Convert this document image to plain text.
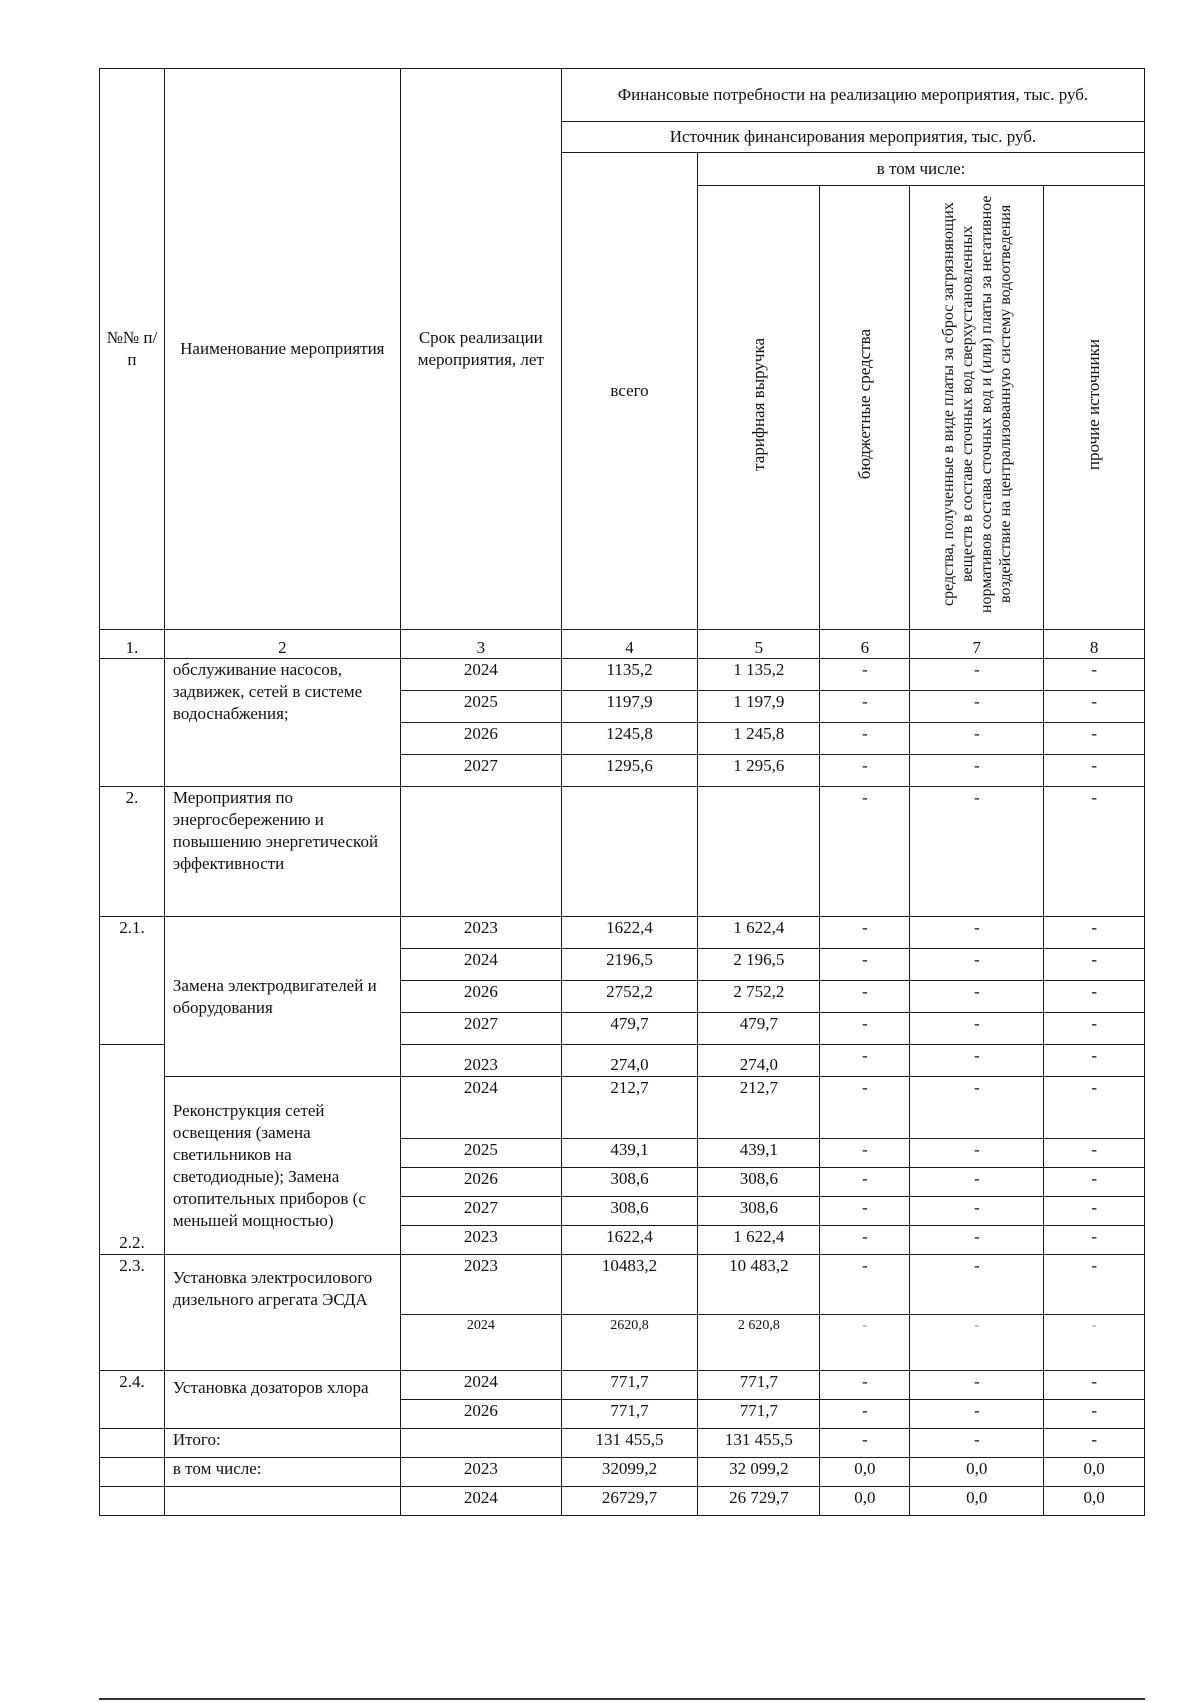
№№ п/п	Наименование мероприятия	Срок реализации мероприятия, лет	Финансовые потребности на реализацию мероприятия, тыс. руб.				
			Источник финансирования мероприятия, тыс. руб.				
			всего	в том числе:			
				тарифная выручка	бюджетные средства	средства, полученные в виде платы за сброс загрязняющих веществ в составе сточных вод сверхустановленных нормативов состава сточных вод и (или) платы за негативное воздействие на централизованную систему водоотведения	прочие источники
1.	2	3	4	5	6	7	8
	обслуживание насосов, задвижек, сетей в системе водоснабжения;	2024	1135,2	1 135,2	-	-	-
		2025	1197,9	1 197,9	-	-	-
		2026	1245,8	1 245,8	-	-	-
		2027	1295,6	1 295,6	-	-	-
2.	Мероприятия по энергосбережению и повышению энергетической эффективности				-	-	-
2.1.	Замена электродвигателей и оборудования	2023	1622,4	1 622,4	-	-	-
		2024	2196,5	2 196,5	-	-	-
		2026	2752,2	2 752,2	-	-	-
		2027	479,7	479,7	-	-	-
2.2.		2023	274,0	274,0	-	-	-
	Реконструкция сетей освещения (замена светильников на светодиодные); Замена отопительных приборов (с меньшей мощностью)	2024	212,7	212,7	-	-	-
		2025	439,1	439,1	-	-	-
		2026	308,6	308,6	-	-	-
		2027	308,6	308,6	-	-	-
		2023	1622,4	1 622,4	-	-	-
2.3.	Установка электросилового дизельного агрегата ЭСДА	2023	10483,2	10 483,2	-	-	-
		2024	2620,8	2 620,8	-	-	-
2.4.	Установка дозаторов хлора	2024	771,7	771,7	-	-	-
		2026	771,7	771,7	-	-	-
	Итого:		131 455,5	131 455,5	-	-	-
	в том числе:	2023	32099,2	32 099,2	0,0	0,0	0,0
		2024	26729,7	26 729,7	0,0	0,0	0,0
